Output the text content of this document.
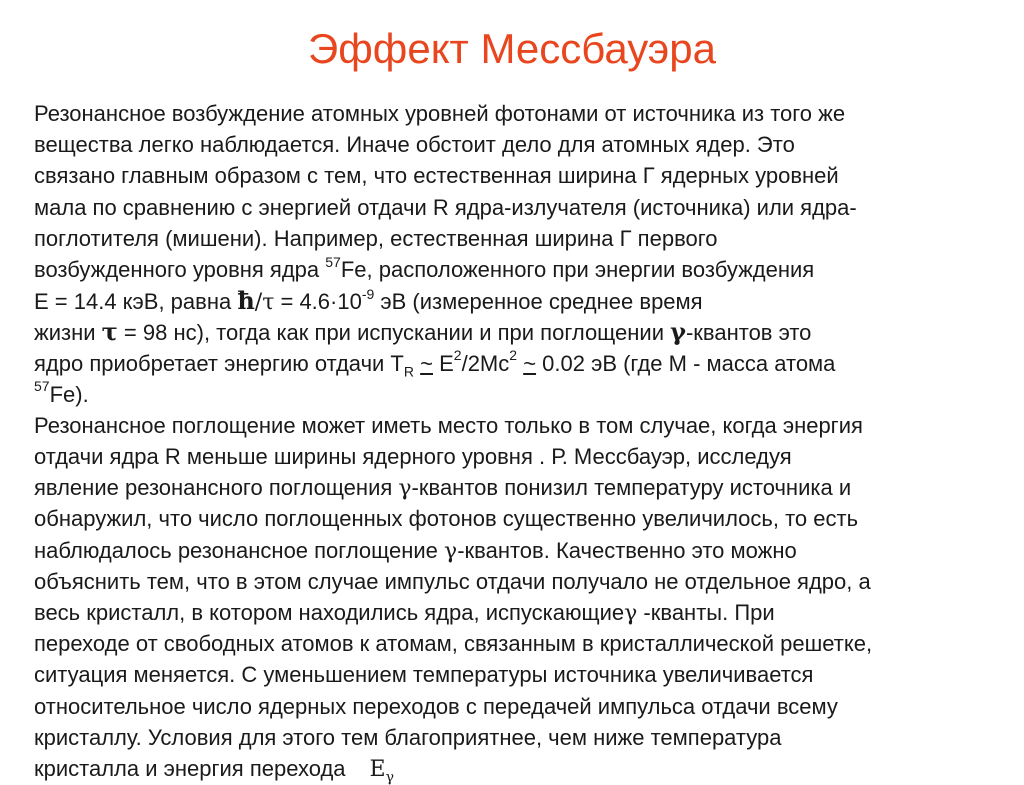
Эффект Мессбауэра

Резонансное возбуждение атомных уровней фотонами от источника из того же
вещества легко наблюдается. Иначе обстоит дело для атомных ядер. Это
связано главным образом с тем, что естественная ширина Г ядерных уровней
мала по сравнению с энергией отдачи R ядра-излучателя (источника) или ядра-
поглотителя (мишени). Например, естественная ширина Г первого
возбужденного уровня ядра $^{57}$Fe, расположенного при энергии возбуждения
E = 14.4 кэВ, равна ħ/τ = $4.6\cdot 10^{-9}$ эВ (измеренное среднее время
жизни τ = 98 нс), тогда как при испускании и при поглощении γ-квантов это
ядро приобретает энергию отдачи $T_R$ ~ $E^2/2Mc^2$ ~ 0.02 эВ (где M - масса атома
$^{57}$Fe).

Резонансное поглощение может иметь место только в том случае, когда энергия
отдачи ядра R меньше ширины ядерного уровня . Р. Мессбауэр, исследуя
явление резонансного поглощения γ-квантов понизил температуру источника и
обнаружил, что число поглощенных фотонов существенно увеличилось, то есть
наблюдалось резонансное поглощение γ-квантов. Качественно это можно
объяснить тем, что в этом случае импульс отдачи получало не отдельное ядро, а
весь кристалл, в котором находились ядра, испускающиеγ -кванты. При
переходе от свободных атомов к атомам, связанным в кристаллической решетке,
ситуация меняется. С уменьшением температуры источника увеличивается
относительное число ядерных переходов с передачей импульса отдачи всему
кристаллу. Условия для этого тем благоприятнее, чем ниже температура
кристалла и энергия перехода $E_\gamma$
